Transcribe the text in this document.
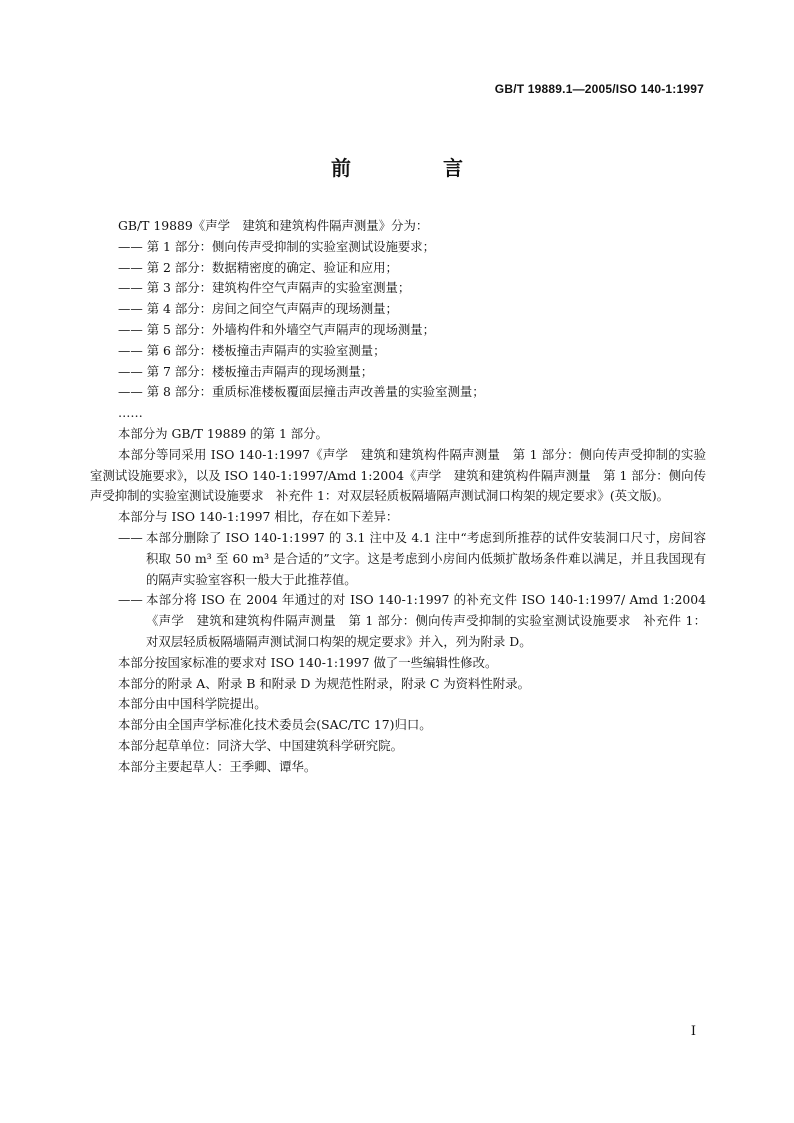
GB/T 19889.1—2005/ISO 140-1:1997
前　言

GB/T 19889《声学　建筑和建筑构件隔声测量》分为：

—— 第 1 部分：侧向传声受抑制的实验室测试设施要求；

—— 第 2 部分：数据精密度的确定、验证和应用；

—— 第 3 部分：建筑构件空气声隔声的实验室测量；

—— 第 4 部分：房间之间空气声隔声的现场测量；

—— 第 5 部分：外墙构件和外墙空气声隔声的现场测量；

—— 第 6 部分：楼板撞击声隔声的实验室测量；

—— 第 7 部分：楼板撞击声隔声的现场测量；

—— 第 8 部分：重质标准楼板覆面层撞击声改善量的实验室测量；

……

本部分为 GB/T 19889 的第 1 部分。

本部分等同采用 ISO 140-1:1997《声学　建筑和建筑构件隔声测量　第 1 部分：侧向传声受抑制的实验室测试设施要求》，以及 ISO 140-1:1997/Amd 1:2004《声学　建筑和建筑构件隔声测量　第 1 部分：侧向传声受抑制的实验室测试设施要求　补充件 1：对双层轻质板隔墙隔声测试洞口构架的规定要求》(英文版)。

本部分与 ISO 140-1:1997 相比，存在如下差异：

—— 本部分删除了 ISO 140-1:1997 的 3.1 注中及 4.1 注中“考虑到所推荐的试件安装洞口尺寸，房间容积取 50 m³ 至 60 m³ 是合适的”文字。这是考虑到小房间内低频扩散场条件难以满足，并且我国现有的隔声实验室容积一般大于此推荐值。
—— 本部分将 ISO 在 2004 年通过的对 ISO 140-1:1997 的补充文件 ISO 140-1:1997/ Amd 1:2004《声学　建筑和建筑构件隔声测量　第 1 部分：侧向传声受抑制的实验室测试设施要求　补充件 1：对双层轻质板隔墙隔声测试洞口构架的规定要求》并入，列为附录 D。

本部分按国家标准的要求对 ISO 140-1:1997 做了一些编辑性修改。

本部分的附录 A、附录 B 和附录 D 为规范性附录，附录 C 为资料性附录。

本部分由中国科学院提出。

本部分由全国声学标准化技术委员会(SAC/TC 17)归口。

本部分起草单位：同济大学、中国建筑科学研究院。

本部分主要起草人：王季卿、谭华。

I
